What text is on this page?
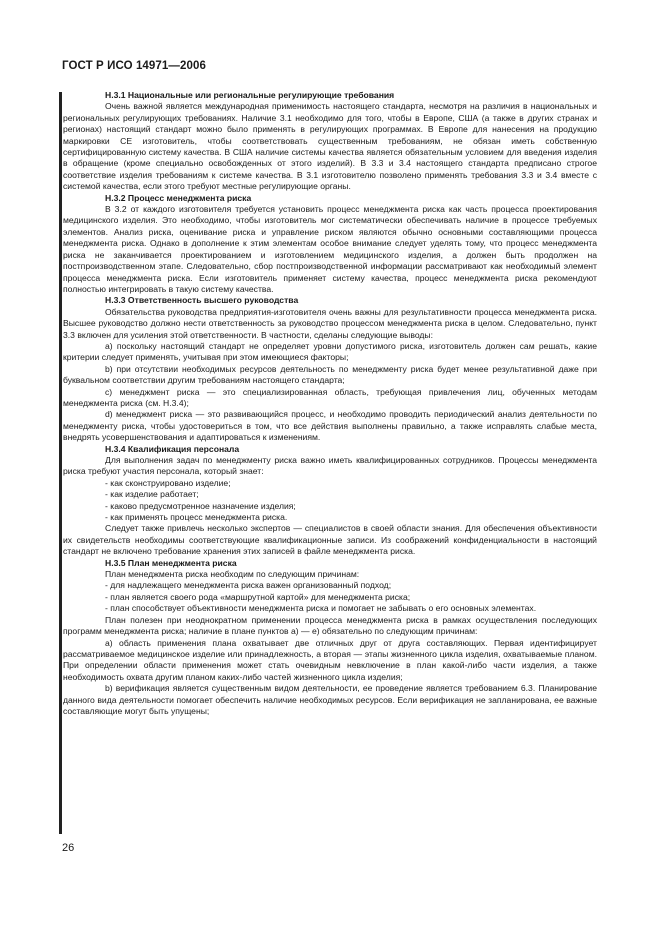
ГОСТ Р ИСО 14971—2006

H.3.1 Национальные или региональные регулирующие требования

Очень важной является международная применимость настоящего стандарта, несмотря на различия в национальных и региональных регулирующих требованиях. Наличие 3.1 необходимо для того, чтобы в Европе, США (а также в других странах и регионах) настоящий стандарт можно было применять в регулирующих программах. В Европе для нанесения на продукцию маркировки СЕ изготовитель, чтобы соответствовать существенным требованиям, не обязан иметь собственную сертифицированную систему качества. В США наличие системы качества является обязательным условием для введения изделия в обращение (кроме специально освобожденных от этого изделий). В 3.3 и 3.4 настоящего стандарта предписано строгое соответствие изделия требованиям к системе качества. В 3.1 изготовителю позволено применять требования 3.3 и 3.4 вместе с системой качества, если этого требуют местные регулирующие органы.

H.3.2 Процесс менеджмента риска

В 3.2 от каждого изготовителя требуется установить процесс менеджмента риска как часть процесса проектирования медицинского изделия. Это необходимо, чтобы изготовитель мог систематически обеспечивать наличие в процессе требуемых элементов. Анализ риска, оценивание риска и управление риском являются обычно основными составляющими процесса менеджмента риска. Однако в дополнение к этим элементам особое внимание следует уделять тому, что процесс менеджмента риска не заканчивается проектированием и изготовлением медицинского изделия, а должен быть продолжен на постпроизводственном этапе. Следовательно, сбор постпроизводственной информации рассматривают как необходимый элемент процесса менеджмента риска. Если изготовитель применяет систему качества, процесс менеджмента риска рекомендуют полностью интегрировать в такую систему качества.

H.3.3 Ответственность высшего руководства

Обязательства руководства предприятия-изготовителя очень важны для результативности процесса менеджмента риска. Высшее руководство должно нести ответственность за руководство процессом менеджмента риска в целом. Следовательно, пункт 3.3 включен для усиления этой ответственности. В частности, сделаны следующие выводы:

a) поскольку настоящий стандарт не определяет уровни допустимого риска, изготовитель должен сам решать, какие критерии следует применять, учитывая при этом имеющиеся факторы;

b) при отсутствии необходимых ресурсов деятельность по менеджменту риска будет менее результативной даже при буквальном соответствии другим требованиям настоящего стандарта;

c) менеджмент риска — это специализированная область, требующая привлечения лиц, обученных методам менеджмента риска (см. H.3.4);

d) менеджмент риска — это развивающийся процесс, и необходимо проводить периодический анализ деятельности по менеджменту риска, чтобы удостовериться в том, что все действия выполнены правильно, а также исправлять слабые места, внедрять усовершенствования и адаптироваться к изменениям.

H.3.4 Квалификация персонала

Для выполнения задач по менеджменту риска важно иметь квалифицированных сотрудников. Процессы менеджмента риска требуют участия персонала, который знает:

- как сконструировано изделие;

- как изделие работает;

- каково предусмотренное назначение изделия;

- как применять процесс менеджмента риска.

Следует также привлечь несколько экспертов — специалистов в своей области знания. Для обеспечения объективности их свидетельств необходимы соответствующие квалификационные записи. Из соображений конфиденциальности в настоящий стандарт не включено требование хранения этих записей в файле менеджмента риска.

H.3.5 План менеджмента риска

План менеджмента риска необходим по следующим причинам:

- для надлежащего менеджмента риска важен организованный подход;

- план является своего рода «маршрутной картой» для менеджмента риска;

- план способствует объективности менеджмента риска и помогает не забывать о его основных элементах.

План полезен при неоднократном применении процесса менеджмента риска в рамках осуществления последующих программ менеджмента риска; наличие в плане пунктов а) — е) обязательно по следующим причинам:

a) область применения плана охватывает две отличных друг от друга составляющих. Первая идентифицирует рассматриваемое медицинское изделие или принадлежность, а вторая — этапы жизненного цикла изделия, охватываемые планом. При определении области применения может стать очевидным невключение в план какой-либо части изделия, а также необходимость охвата другим планом каких-либо частей жизненного цикла изделия;

b) верификация является существенным видом деятельности, ее проведение является требованием 6.3. Планирование данного вида деятельности помогает обеспечить наличие необходимых ресурсов. Если верификация не запланирована, ее важные составляющие могут быть упущены;

26
